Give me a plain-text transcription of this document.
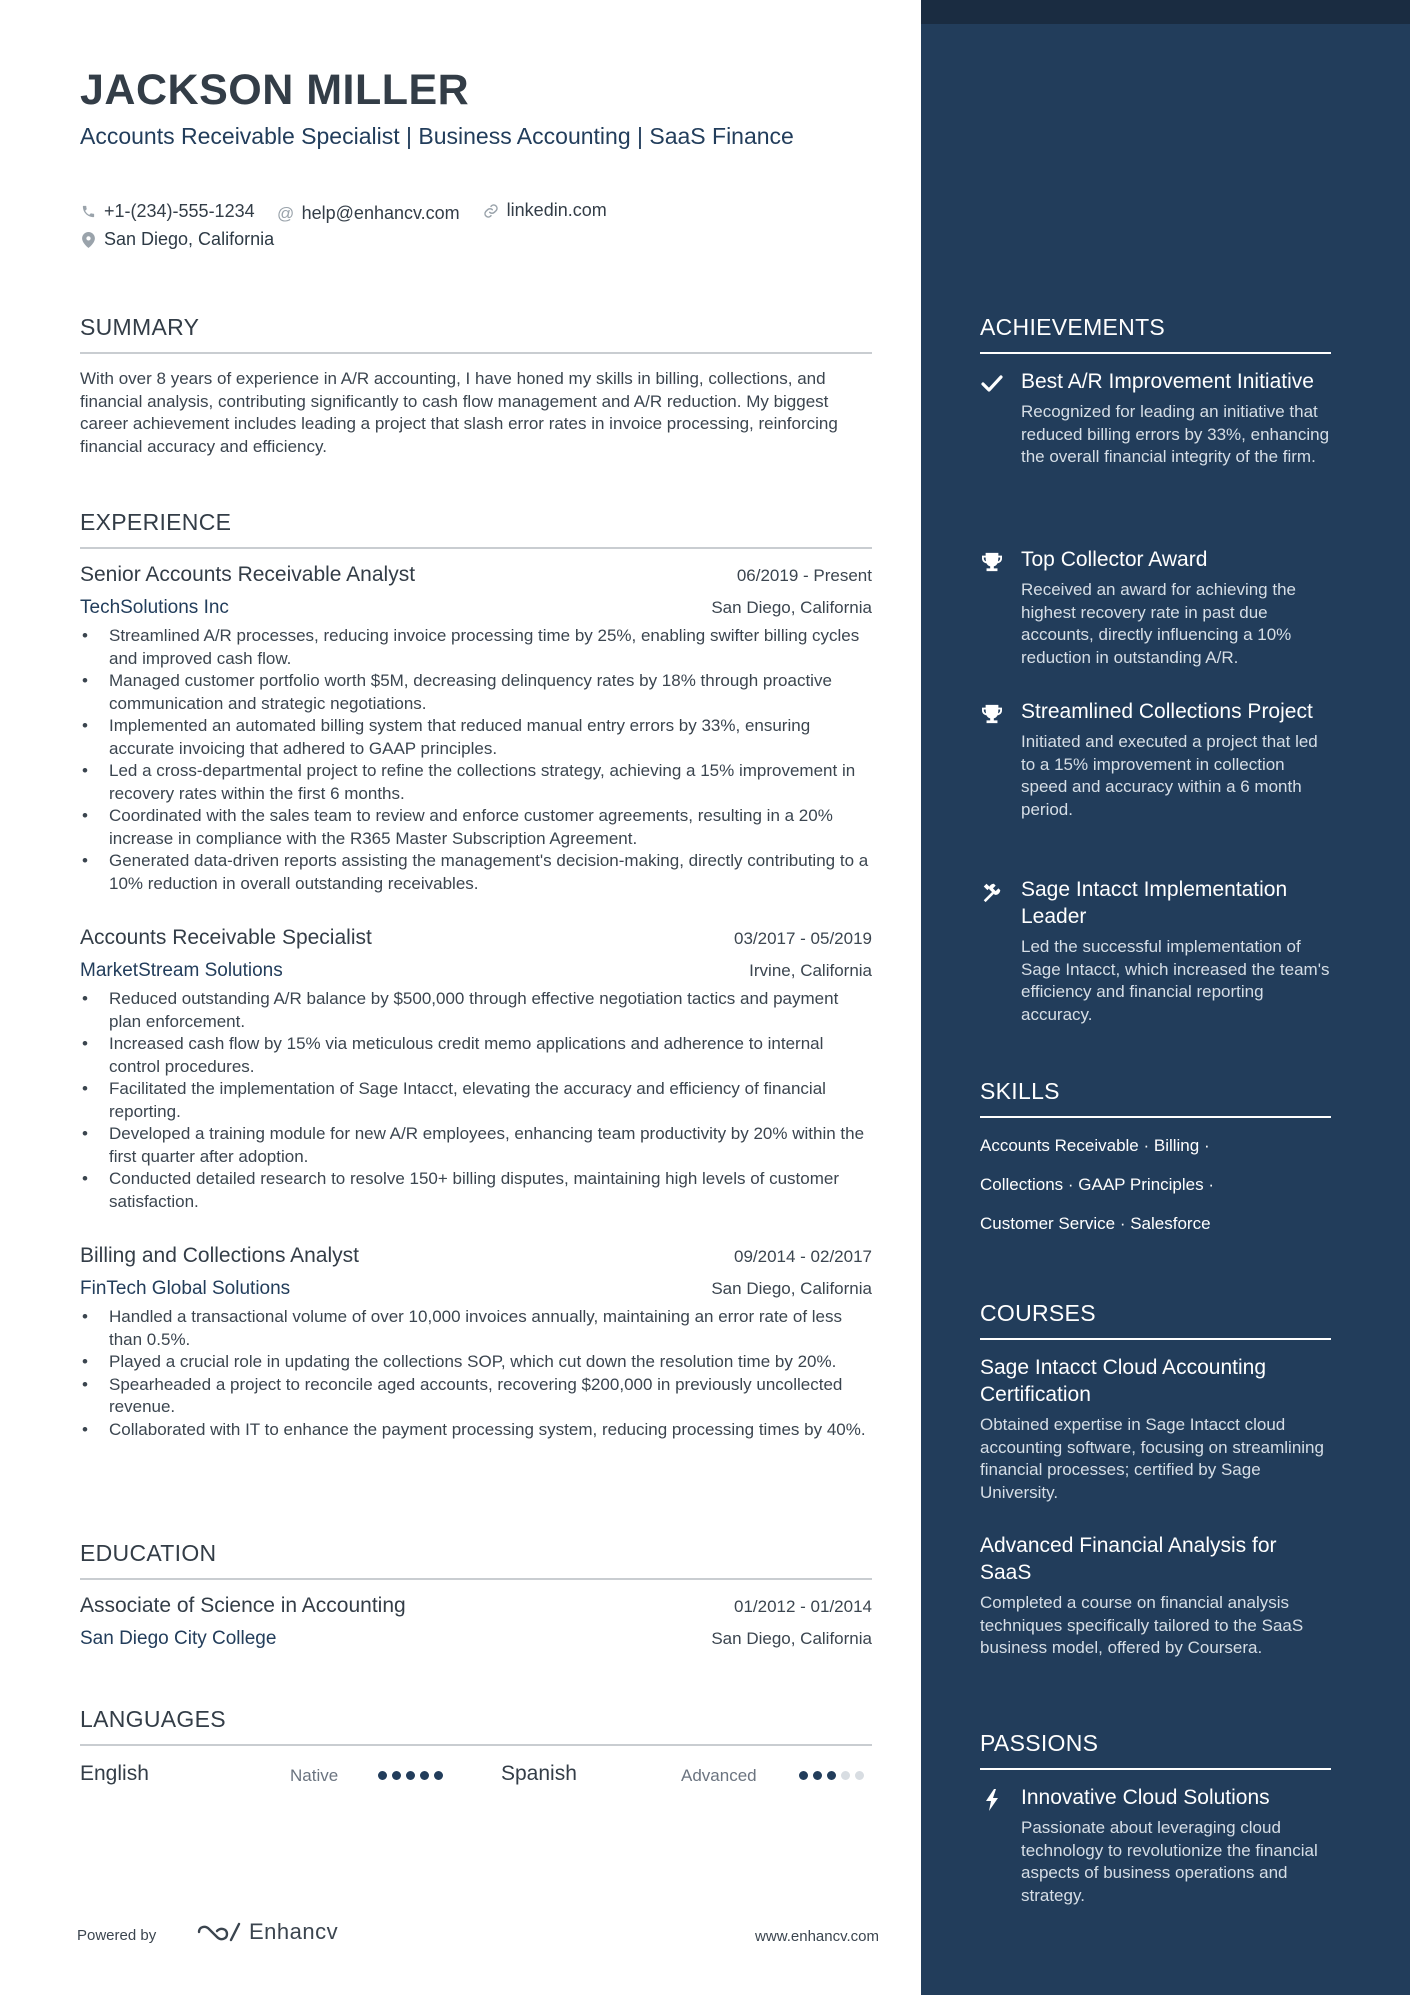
JACKSON MILLER
Accounts Receivable Specialist | Business Accounting | SaaS Finance
+1-(234)-555-1234
@ help@enhancv.com
	linkedin.com
San Diego, California
SUMMARY
With over 8 years of experience in A/R accounting, I have honed my skills in billing, collections, and financial analysis, contributing significantly to cash flow management and A/R reduction. My biggest career achievement includes leading a project that slash error rates in invoice processing, reinforcing financial accuracy and efficiency.
EXPERIENCE
Senior Accounts Receivable Analyst	06/2019 - Present
TechSolutions Inc	San Diego, California
• Streamlined A/R processes, reducing invoice processing time by 25%, enabling swifter billing cycles and improved cash flow.
• Managed customer portfolio worth $5M, decreasing delinquency rates by 18% through proactive communication and strategic negotiations.
• Implemented an automated billing system that reduced manual entry errors by 33%, ensuring accurate invoicing that adhered to GAAP principles.
• Led a cross-departmental project to refine the collections strategy, achieving a 15% improvement in recovery rates within the first 6 months.
• Coordinated with the sales team to review and enforce customer agreements, resulting in a 20% increase in compliance with the R365 Master Subscription Agreement.
• Generated data-driven reports assisting the management's decision-making, directly contributing to a 10% reduction in overall outstanding receivables.
Accounts Receivable Specialist	03/2017 - 05/2019
MarketStream Solutions	Irvine, California
• Reduced outstanding A/R balance by $500,000 through effective negotiation tactics and payment plan enforcement.
• Increased cash flow by 15% via meticulous credit memo applications and adherence to internal control procedures.
• Facilitated the implementation of Sage Intacct, elevating the accuracy and efficiency of financial reporting.
• Developed a training module for new A/R employees, enhancing team productivity by 20% within the first quarter after adoption.
• Conducted detailed research to resolve 150+ billing disputes, maintaining high levels of customer satisfaction.
Billing and Collections Analyst	09/2014 - 02/2017
FinTech Global Solutions	San Diego, California
• Handled a transactional volume of over 10,000 invoices annually, maintaining an error rate of less than 0.5%.
• Played a crucial role in updating the collections SOP, which cut down the resolution time by 20%.
• Spearheaded a project to reconcile aged accounts, recovering $200,000 in previously uncollected revenue.
• Collaborated with IT to enhance the payment processing system, reducing processing times by 40%.
EDUCATION
Associate of Science in Accounting	01/2012 - 01/2014
San Diego City College	San Diego, California
LANGUAGES
English	Native	Spanish	Advanced
Powered by	Enhancv	www.enhancv.com
ACHIEVEMENTS
Best A/R Improvement Initiative
Recognized for leading an initiative that reduced billing errors by 33%, enhancing the overall financial integrity of the firm.
Top Collector Award
Received an award for achieving the highest recovery rate in past due accounts, directly influencing a 10% reduction in outstanding A/R.
Streamlined Collections Project
Initiated and executed a project that led to a 15% improvement in collection speed and accuracy within a 6 month period.
Sage Intacct Implementation Leader
Led the successful implementation of Sage Intacct, which increased the team's efficiency and financial reporting accuracy.
SKILLS
Accounts Receivable · Billing ·
Collections · GAAP Principles ·
Customer Service · Salesforce
COURSES
Sage Intacct Cloud Accounting Certification
Obtained expertise in Sage Intacct cloud accounting software, focusing on streamlining financial processes; certified by Sage University.
Advanced Financial Analysis for SaaS
Completed a course on financial analysis techniques specifically tailored to the SaaS business model, offered by Coursera.
PASSIONS
Innovative Cloud Solutions
Passionate about leveraging cloud technology to revolutionize the financial aspects of business operations and strategy.
